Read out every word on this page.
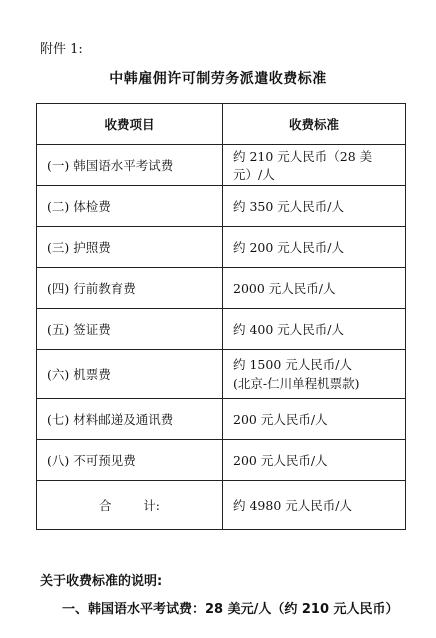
附件 1:
中韩雇佣许可制劳务派遣收费标准
收费项目	收费标准
(一) 韩国语水平考试费	约 210 元人民币（28 美元）/人
(二) 体检费	约 350 元人民币/人
(三) 护照费	约 200 元人民币/人
(四) 行前教育费	2000 元人民币/人
(五) 签证费	约 400 元人民币/人
(六) 机票费	约 1500 元人民币/人
(北京-仁川单程机票款)

(七) 材料邮递及通讯费	200 元人民币/人
(八) 不可预见费	200 元人民币/人
合        计:	约 4980 元人民币/人
关于收费标准的说明:
一、韩国语水平考试费：28 美元/人（约 210 元人民币）
